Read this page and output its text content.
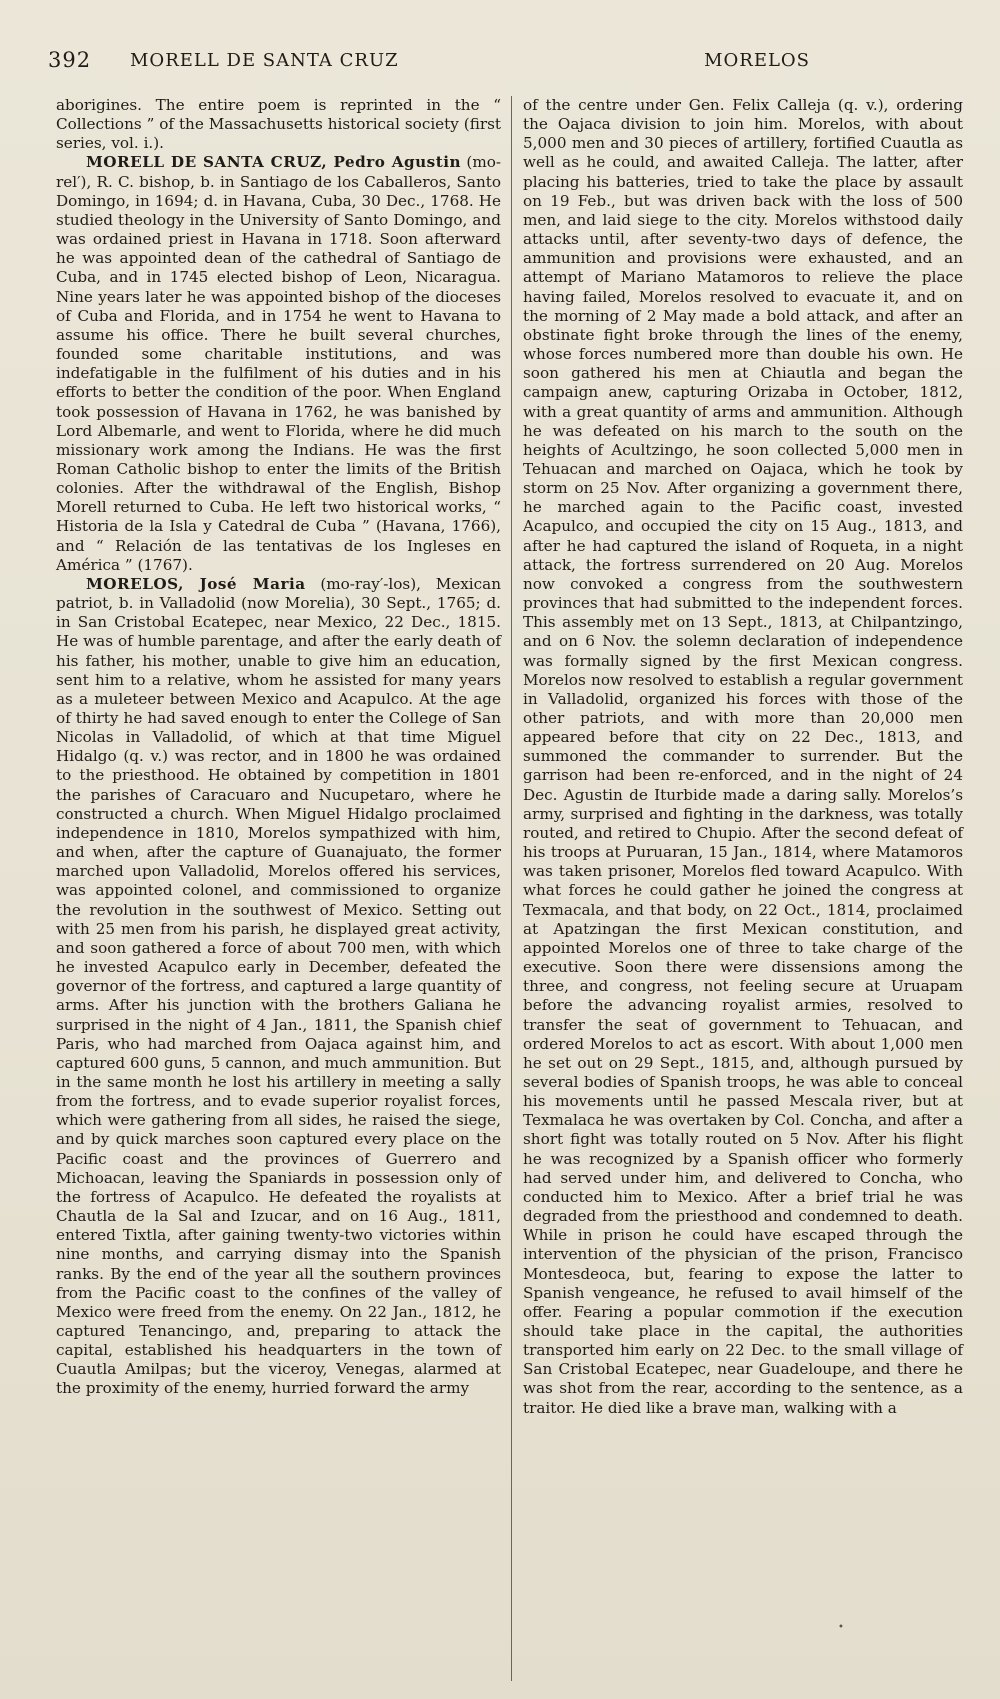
392 MORELL DE SANTA CRUZ	MORELOS

aborigines. The entire poem is reprinted in the “ Collections ” of the Massachusetts historical society (first series, vol. i.).

MORELL DE SANTA CRUZ, Pedro Agustin (mo-rel′), R. C. bishop, b. in Santiago de los Caballeros, Santo Domingo, in 1694; d. in Havana, Cuba, 30 Dec., 1768. He studied theology in the University of Santo Domingo, and was ordained priest in Havana in 1718. Soon afterward he was appointed dean of the cathedral of Santiago de Cuba, and in 1745 elected bishop of Leon, Nicaragua. Nine years later he was appointed bishop of the dioceses of Cuba and Florida, and in 1754 he went to Havana to assume his office. There he built several churches, founded some charitable institutions, and was indefatigable in the fulfilment of his duties and in his efforts to better the condition of the poor. When England took possession of Havana in 1762, he was banished by Lord Albemarle, and went to Florida, where he did much missionary work among the Indians. He was the first Roman Catholic bishop to enter the limits of the British colonies. After the withdrawal of the English, Bishop Morell returned to Cuba. He left two historical works, “ Historia de la Isla y Catedral de Cuba ” (Havana, 1766), and “ Relación de las tentativas de los Ingleses en América ” (1767).

MORELOS, José Maria (mo-ray′-los), Mexican patriot, b. in Valladolid (now Morelia), 30 Sept., 1765; d. in San Cristobal Ecatepec, near Mexico, 22 Dec., 1815. He was of humble parentage, and after the early death of his father, his mother, unable to give him an education, sent him to a relative, whom he assisted for many years as a muleteer between Mexico and Acapulco. At the age of thirty he had saved enough to enter the College of San Nicolas in Valladolid, of which at that time Miguel Hidalgo (q. v.) was rector, and in 1800 he was ordained to the priesthood. He obtained by competition in 1801 the parishes of Caracuaro and Nucupetaro, where he constructed a church. When Miguel Hidalgo proclaimed independence in 1810, Morelos sympathized with him, and when, after the capture of Guanajuato, the former marched upon Valladolid, Morelos offered his services, was appointed colonel, and commissioned to organize the revolution in the southwest of Mexico. Setting out with 25 men from his parish, he displayed great activity, and soon gathered a force of about 700 men, with which he invested Acapulco early in December, defeated the governor of the fortress, and captured a large quantity of arms. After his junction with the brothers Galiana he surprised in the night of 4 Jan., 1811, the Spanish chief Paris, who had marched from Oajaca against him, and captured 600 guns, 5 cannon, and much ammunition. But in the same month he lost his artillery in meeting a sally from the fortress, and to evade superior royalist forces, which were gathering from all sides, he raised the siege, and by quick marches soon captured every place on the Pacific coast and the provinces of Guerrero and Michoacan, leaving the Spaniards in possession only of the fortress of Acapulco. He defeated the royalists at Chautla de la Sal and Izucar, and on 16 Aug., 1811, entered Tixtla, after gaining twenty-two victories within nine months, and carrying dismay into the Spanish ranks. By the end of the year all the southern provinces from the Pacific coast to the confines of the valley of Mexico were freed from the enemy. On 22 Jan., 1812, he captured Tenancingo, and, preparing to attack the capital, established his headquarters in the town of Cuautla Amilpas; but the viceroy, Venegas, alarmed at the proximity of the enemy, hurried forward the army

of the centre under Gen. Felix Calleja (q. v.), ordering the Oajaca division to join him. Morelos, with about 5,000 men and 30 pieces of artillery, fortified Cuautla as well as he could, and awaited Calleja. The latter, after placing his batteries, tried to take the place by assault on 19 Feb., but was driven back with the loss of 500 men, and laid siege to the city. Morelos withstood daily attacks until, after seventy-two days of defence, the ammunition and provisions were exhausted, and an attempt of Mariano Matamoros to relieve the place having failed, Morelos resolved to evacuate it, and on the morning of 2 May made a bold attack, and after an obstinate fight broke through the lines of the enemy, whose forces numbered more than double his own. He soon gathered his men at Chiautla and began the campaign anew, capturing Orizaba in October, 1812, with a great quantity of arms and ammunition. Although he was defeated on his march to the south on the heights of Acultzingo, he soon collected 5,000 men in Tehuacan and marched on Oajaca, which he took by storm on 25 Nov. After organizing a government there, he marched again to the Pacific coast, invested Acapulco, and occupied the city on 15 Aug., 1813, and after he had captured the island of Roqueta, in a night attack, the fortress surrendered on 20 Aug. Morelos now convoked a congress from the southwestern provinces that had submitted to the independent forces. This assembly met on 13 Sept., 1813, at Chilpantzingo, and on 6 Nov. the solemn declaration of independence was formally signed by the first Mexican congress. Morelos now resolved to establish a regular government in Valladolid, organized his forces with those of the other patriots, and with more than 20,000 men appeared before that city on 22 Dec., 1813, and summoned the commander to surrender. But the garrison had been re-enforced, and in the night of 24 Dec. Agustin de Iturbide made a daring sally. Morelos’s army, surprised and fighting in the darkness, was totally routed, and retired to Chupio. After the second defeat of his troops at Puruaran, 15 Jan., 1814, where Matamoros was taken prisoner, Morelos fled toward Acapulco. With what forces he could gather he joined the congress at Texmacala, and that body, on 22 Oct., 1814, proclaimed at Apatzingan the first Mexican constitution, and appointed Morelos one of three to take charge of the executive. Soon there were dissensions among the three, and congress, not feeling secure at Uruapam before the advancing royalist armies, resolved to transfer the seat of government to Tehuacan, and ordered Morelos to act as escort. With about 1,000 men he set out on 29 Sept., 1815, and, although pursued by several bodies of Spanish troops, he was able to conceal his movements until he passed Mescala river, but at Texmalaca he was overtaken by Col. Concha, and after a short fight was totally routed on 5 Nov. After his flight he was recognized by a Spanish officer who formerly had served under him, and delivered to Concha, who conducted him to Mexico. After a brief trial he was degraded from the priesthood and condemned to death. While in prison he could have escaped through the intervention of the physician of the prison, Francisco Montesdeoca, but, fearing to expose the latter to Spanish vengeance, he refused to avail himself of the offer. Fearing a popular commotion if the execution should take place in the capital, the authorities transported him early on 22 Dec. to the small village of San Cristobal Ecatepec, near Guadeloupe, and there he was shot from the rear, according to the sentence, as a traitor. He died like a brave man, walking with a

•
